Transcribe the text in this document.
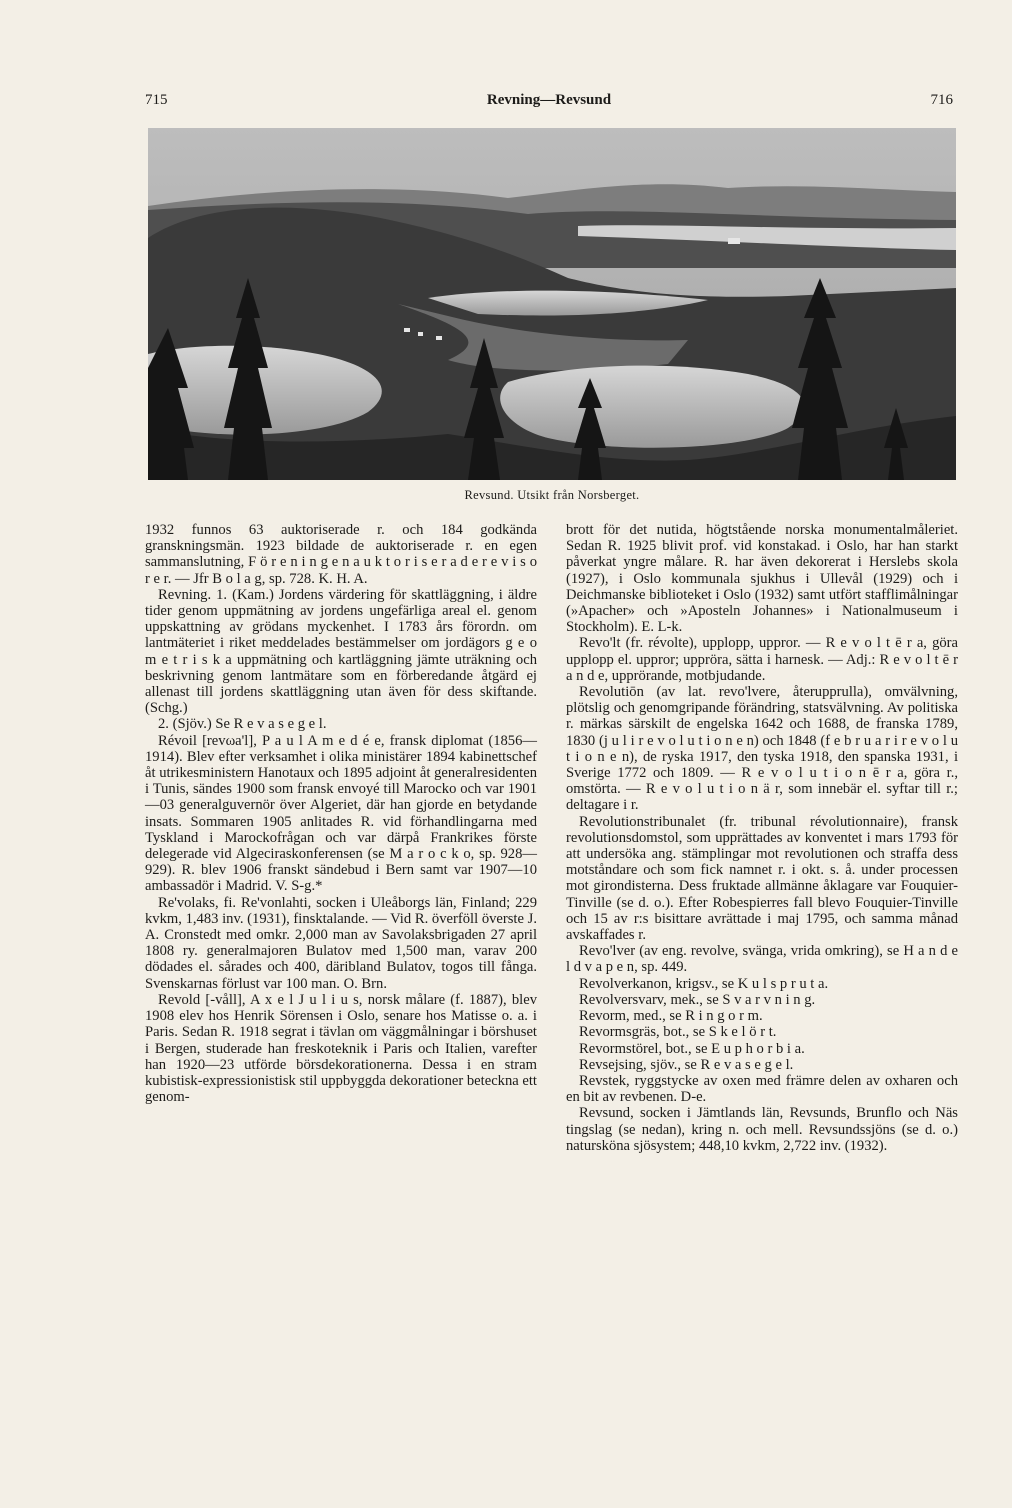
715	Revning—Revsund	716
Revsund. Utsikt från Norsberget.

1932 funnos 63 auktoriserade r. och 184 godkända granskningsmän. 1923 bildade de auktoriserade r. en egen sammanslutning, F ö r e n i n g e n a u k t o r i s e r a d e r e v i s o r e r. — Jfr B o l a g, sp. 728. K. H. A.

Revning. 1. (Kam.) Jordens värdering för skattläggning, i äldre tider genom uppmätning av jordens ungefärliga areal el. genom uppskattning av grödans myckenhet. I 1783 års förordn. om lantmäteriet i riket meddelades bestämmelser om jordägors g e o m e t r i s k a uppmätning och kartläggning jämte uträkning och beskrivning genom lantmätare som en förberedande åtgärd ej allenast till jordens skattläggning utan även för dess skiftande. (Schg.)

2. (Sjöv.) Se R e v a s e g e l.

Révoil [revωa'l], P a u l A m e d é e, fransk diplomat (1856—1914). Blev efter verksamhet i olika ministärer 1894 kabinettschef åt utrikesministern Hanotaux och 1895 adjoint åt generalresidenten i Tunis, sändes 1900 som fransk envoyé till Marocko och var 1901—03 generalguvernör över Algeriet, där han gjorde en betydande insats. Sommaren 1905 anlitades R. vid förhandlingarna med Tyskland i Marockofrågan och var därpå Frankrikes förste delegerade vid Algeciraskonferensen (se M a r o c k o, sp. 928—929). R. blev 1906 franskt sändebud i Bern samt var 1907—10 ambassadör i Madrid. V. S-g.*

Re'volaks, fi. Re'vonlahti, socken i Uleåborgs län, Finland; 229 kvkm, 1,483 inv. (1931), finsktalande. — Vid R. överföll överste J. A. Cronstedt med omkr. 2,000 man av Savolaksbrigaden 27 april 1808 ry. generalmajoren Bulatov med 1,500 man, varav 200 dödades el. sårades och 400, däribland Bulatov, togos till fånga. Svenskarnas förlust var 100 man. O. Brn.

Revold [-våll], A x e l J u l i u s, norsk målare (f. 1887), blev 1908 elev hos Henrik Sörensen i Oslo, senare hos Matisse o. a. i Paris. Sedan R. 1918 segrat i tävlan om väggmålningar i börshuset i Bergen, studerade han freskoteknik i Paris och Italien, varefter han 1920—23 utförde börsdekorationerna. Dessa i en stram kubistisk-expressionistisk stil uppbyggda dekorationer betecknа ett genom-

brott för det nutida, högtstående norska monumentalmåleriet. Sedan R. 1925 blivit prof. vid konstakad. i Oslo, har han starkt påverkat yngre målare. R. har även dekorerat i Herslebs skola (1927), i Oslo kommunala sjukhus i Ullevål (1929) och i Deichmanske biblioteket i Oslo (1932) samt utfört stafflimålningar (»Apacher» och »Aposteln Johannes» i Nationalmuseum i Stockholm). E. L-k.

Revo'lt (fr. révolte), upplopp, uppror. — R e v o l t ē r a, göra upplopp el. uppror; uppröra, sätta i harnesk. — Adj.: R e v o l t ē r a n d e, upprörande, motbjudande.

Revolutiōn (av lat. revo'lvere, återupprulla), omvälvning, plötslig och genomgripande förändring, statsvälvning. Av politiska r. märkas särskilt de engelska 1642 och 1688, de franska 1789, 1830 (j u l i r e v o l u t i o n e n) och 1848 (f e b r u a r i r e v o l u t i o n e n), de ryska 1917, den tyska 1918, den spanska 1931, i Sverige 1772 och 1809. — R e v o l u t i o n ē r a, göra r., omstörta. — R e v o l u t i o n ä r, som innebär el. syftar till r.; deltagare i r.

Revolutionstribunalet (fr. tribunal révolutionnaire), fransk revolutionsdomstol, som upprättades av konventet i mars 1793 för att undersöka ang. stämplingar mot revolutionen och straffa dess motståndare och som fick namnet r. i okt. s. å. under processen mot girondisterna. Dess fruktade allmänne åklagare var Fouquier-Tinville (se d. o.). Efter Robespierres fall blevo Fouquier-Tinville och 15 av r:s bisittare avrättade i maj 1795, och samma månad avskaffades r.

Revo'lver (av eng. revolve, svänga, vrida omkring), se H a n d e l d v a p e n, sp. 449.

Revolverkanon, krigsv., se K u l s p r u t a.

Revolversvarv, mek., se S v a r v n i n g.

Revorm, med., se R i n g o r m.

Revormsgräs, bot., se S k e l ö r t.

Revormstörel, bot., se E u p h o r b i a.

Revsejsing, sjöv., se R e v a s e g e l.

Revstek, ryggstycke av oxen med främre delen av oxharen och en bit av revbenen. D-e.

Revsund, socken i Jämtlands län, Revsunds, Brunflo och Näs tingslag (se nedan), kring n. och mell. Revsundssjöns (se d. o.) natursköna sjösystem; 448,10 kvkm, 2,722 inv. (1932).
